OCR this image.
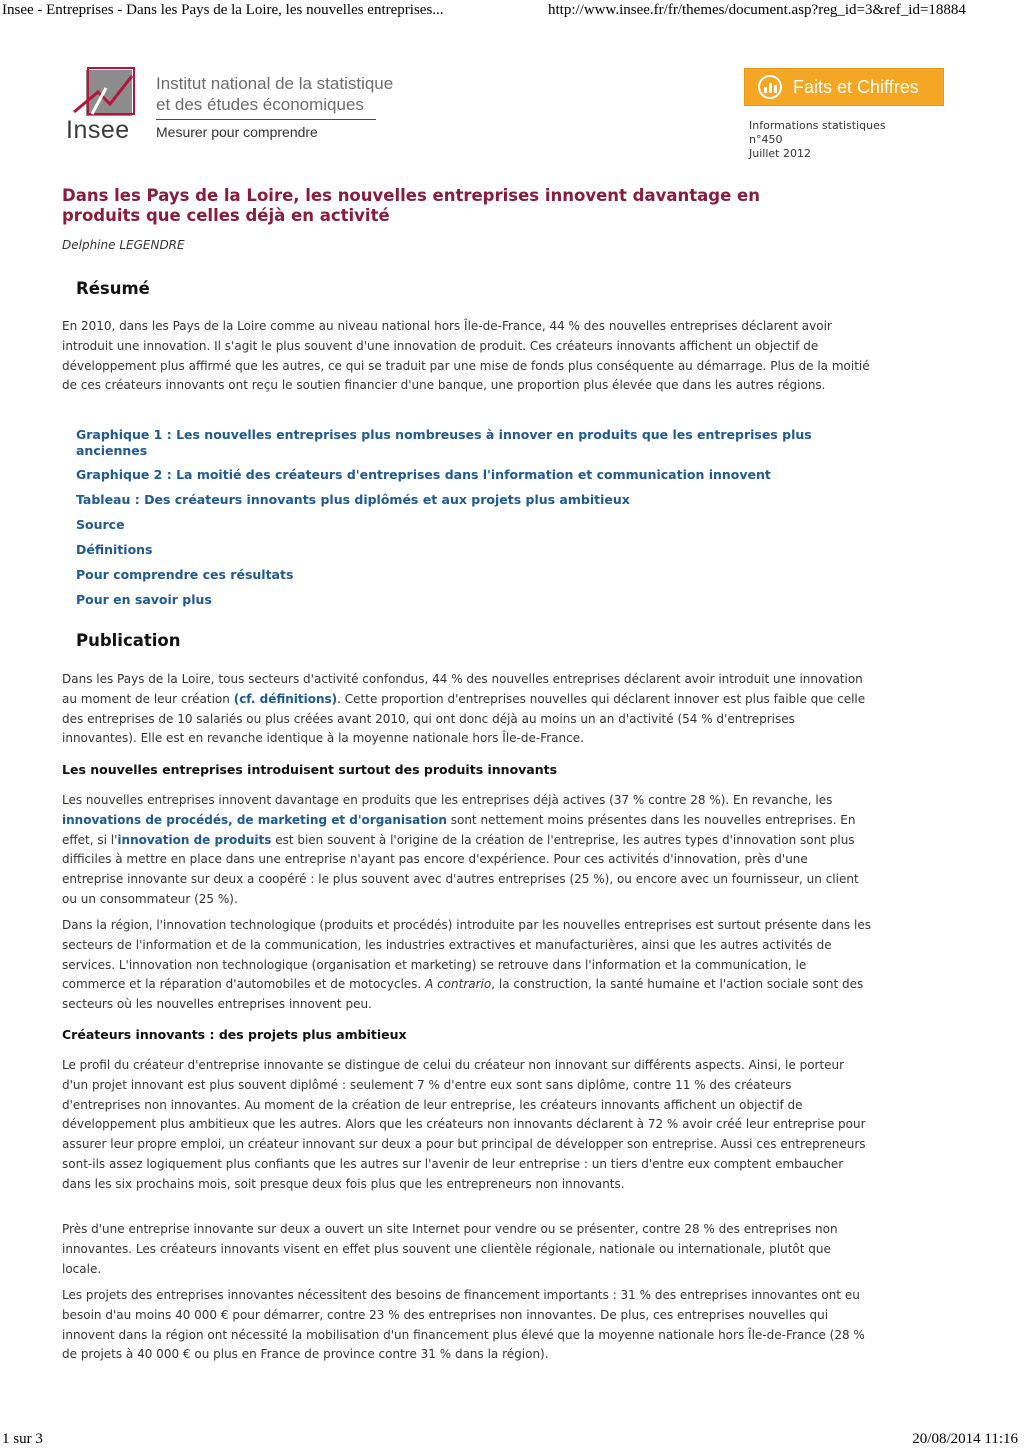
Insee - Entreprises - Dans les Pays de la Loire, les nouvelles entreprises...	http://www.insee.fr/fr/themes/document.asp?reg_id=3&ref_id=18884
Insee
Institut national de la statistique
et des études économiques
Mesurer pour comprendre
Faits et Chiffres
Informations statistiques
n°450
Juillet 2012
Dans les Pays de la Loire, les nouvelles entreprises innovent davantage en
produits que celles déjà en activité
Delphine LEGENDRE
Résumé

En 2010, dans les Pays de la Loire comme au niveau national hors Île-de-France, 44 % des nouvelles entreprises déclarent avoir introduit une innovation. Il s'agit le plus souvent d'une innovation de produit. Ces créateurs innovants affichent un objectif de développement plus affirmé que les autres, ce qui se traduit par une mise de fonds plus conséquente au démarrage. Plus de la moitié de ces créateurs innovants ont reçu le soutien financier d'une banque, une proportion plus élevée que dans les autres régions.

Graphique 1 : Les nouvelles entreprises plus nombreuses à innover en produits que les entreprises plus anciennes
Graphique 2 : La moitié des créateurs d'entreprises dans l'information et communication innovent
Tableau : Des créateurs innovants plus diplômés et aux projets plus ambitieux
Source
Définitions
Pour comprendre ces résultats
Pour en savoir plus
Publication

Dans les Pays de la Loire, tous secteurs d'activité confondus, 44 % des nouvelles entreprises déclarent avoir introduit une innovation au moment de leur création (cf. définitions). Cette proportion d'entreprises nouvelles qui déclarent innover est plus faible que celle des entreprises de 10 salariés ou plus créées avant 2010, qui ont donc déjà au moins un an d'activité (54 % d'entreprises innovantes). Elle est en revanche identique à la moyenne nationale hors Île-de-France.

Les nouvelles entreprises introduisent surtout des produits innovants

Les nouvelles entreprises innovent davantage en produits que les entreprises déjà actives (37 % contre 28 %). En revanche, les innovations de procédés, de marketing et d'organisation sont nettement moins présentes dans les nouvelles entreprises. En effet, si l'innovation de produits est bien souvent à l'origine de la création de l'entreprise, les autres types d'innovation sont plus difficiles à mettre en place dans une entreprise n'ayant pas encore d'expérience. Pour ces activités d'innovation, près d'une entreprise innovante sur deux a coopéré : le plus souvent avec d'autres entreprises (25 %), ou encore avec un fournisseur, un client ou un consommateur (25 %).

Dans la région, l'innovation technologique (produits et procédés) introduite par les nouvelles entreprises est surtout présente dans les secteurs de l'information et de la communication, les industries extractives et manufacturières, ainsi que les autres activités de services. L'innovation non technologique (organisation et marketing) se retrouve dans l'information et la communication, le commerce et la réparation d'automobiles et de motocycles. A contrario, la construction, la santé humaine et l'action sociale sont des secteurs où les nouvelles entreprises innovent peu.

Créateurs innovants : des projets plus ambitieux

Le profil du créateur d'entreprise innovante se distingue de celui du créateur non innovant sur différents aspects. Ainsi, le porteur d'un projet innovant est plus souvent diplômé : seulement 7 % d'entre eux sont sans diplôme, contre 11 % des créateurs d'entreprises non innovantes. Au moment de la création de leur entreprise, les créateurs innovants affichent un objectif de développement plus ambitieux que les autres. Alors que les créateurs non innovants déclarent à 72 % avoir créé leur entreprise pour assurer leur propre emploi, un créateur innovant sur deux a pour but principal de développer son entreprise. Aussi ces entrepreneurs sont-ils assez logiquement plus confiants que les autres sur l'avenir de leur entreprise : un tiers d'entre eux comptent embaucher dans les six prochains mois, soit presque deux fois plus que les entrepreneurs non innovants.

Près d'une entreprise innovante sur deux a ouvert un site Internet pour vendre ou se présenter, contre 28 % des entreprises non innovantes. Les créateurs innovants visent en effet plus souvent une clientèle régionale, nationale ou internationale, plutôt que locale.

Les projets des entreprises innovantes nécessitent des besoins de financement importants : 31 % des entreprises innovantes ont eu besoin d'au moins 40 000 € pour démarrer, contre 23 % des entreprises non innovantes. De plus, ces entreprises nouvelles qui innovent dans la région ont nécessité la mobilisation d'un financement plus élevé que la moyenne nationale hors Île-de-France (28 % de projets à 40 000 € ou plus en France de province contre 31 % dans la région).

1 sur 3	20/08/2014 11:16
